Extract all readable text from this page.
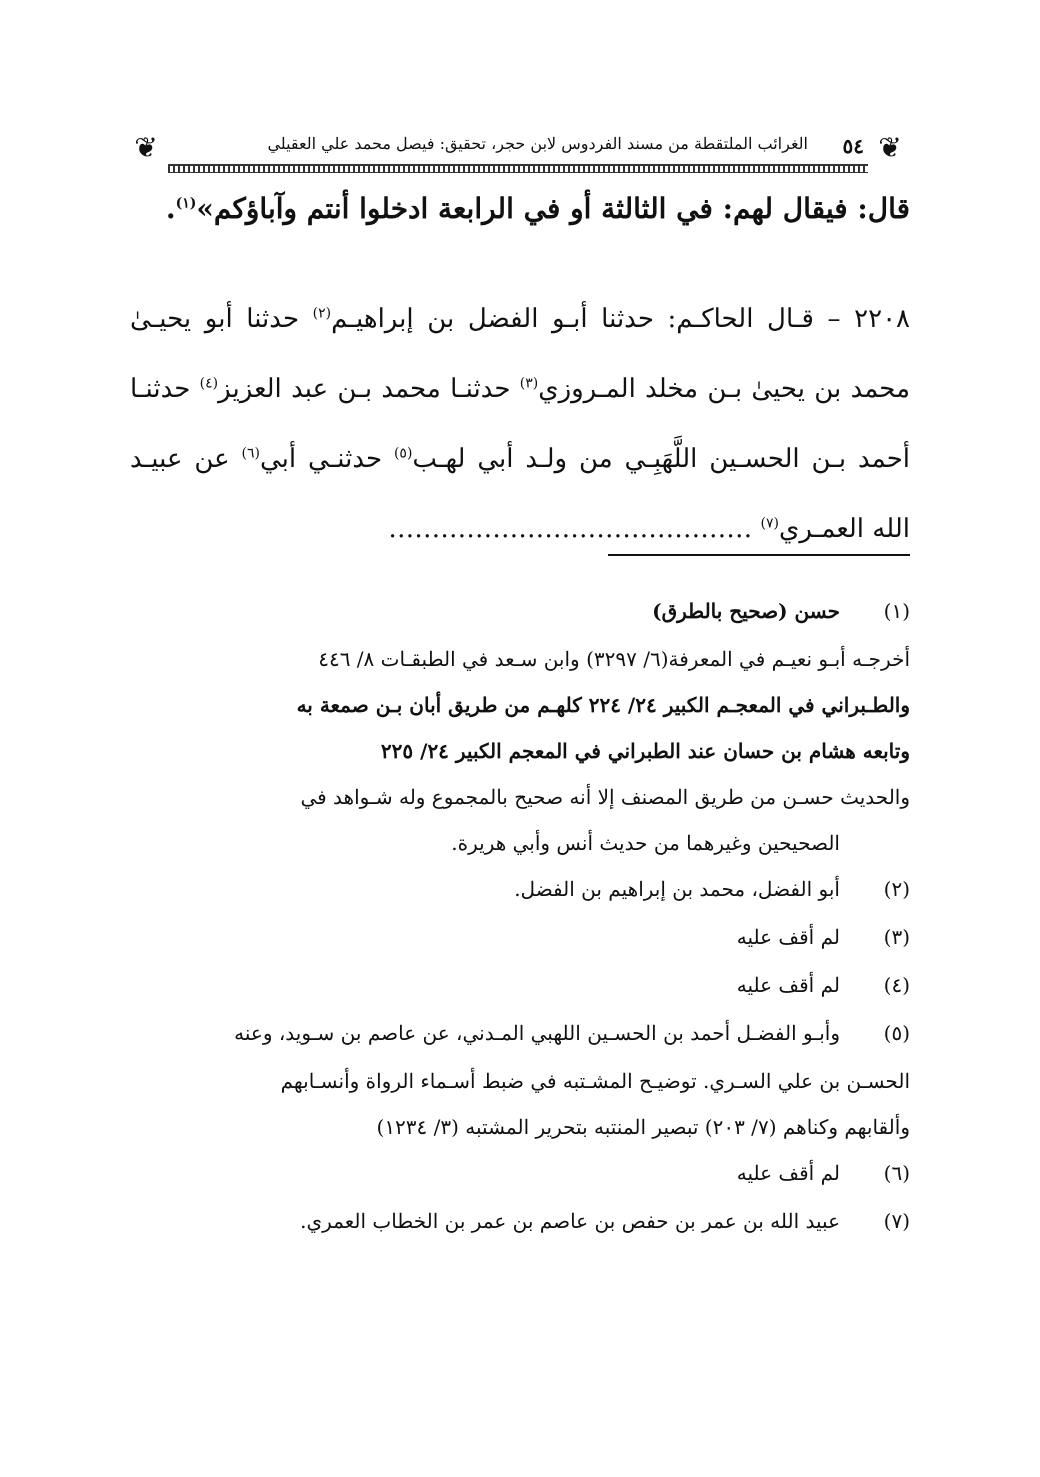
❦
٥٤
الغرائب الملتقطة من مسند الفردوس لابن حجر، تحقيق: فيصل محمد علي العقيلي
❦
قال: فيقال لهم: في الثالثة أو في الرابعة ادخلوا أنتم وآباؤكم»$^{(١)}$.
٢٢٠٨ – قـال الحاكـم: حدثنا أبـو الفضل بن إبراهيـم$^{(٢)}$ حدثنا أبو يحيـىٰ محمد بن يحيىٰ بـن مخلد المـروزي$^{(٣)}$ حدثنـا محمد بـن عبد العزيز$^{(٤)}$ حدثنـا أحمد بـن الحسـين اللَّهَبِـي من ولـد أبي لهـب$^{(٥)}$ حدثنـي أبي$^{(٦)}$ عن عبيـد الله العمـري$^{(٧)}$ ……………………………………
(١)
حسن (صحيح بالطرق)

أخرجـه أبـو نعيـم في المعرفة(٦/ ٣٢٩٧) وابن سـعد في الطبقـات ٨/ ٤٤٦

والطـبراني في المعجـم الكبير ٢٤/ ٢٢٤ كلهـم من طريق أبان بـن صمعة به

وتابعه هشام بن حسان عند الطبراني في المعجم الكبير ٢٤/ ٢٢٥

والحديث حسـن من طريق المصنف إلا أنه صحيح بالمجموع وله شـواهد في

الصحيحين وغيرهما من حديث أنس وأبي هريرة.

(٢)
أبو الفضل، محمد بن إبراهيم بن الفضل.
(٣)
لم أقف عليه
(٤)
لم أقف عليه
(٥)
وأبـو الفضـل أحمد بن الحسـين اللهبي المـدني، عن عاصم بن سـويد، وعنه

الحسـن بن علي السـري. توضيـح المشـتبه في ضبط أسـماء الرواة وأنسـابهم

وألقابهم وكناهم (٧/ ٢٠٣) تبصير المنتبه بتحرير المشتبه (٣/ ١٢٣٤)

(٦)
لم أقف عليه
(٧)
عبيد الله بن عمر بن حفص بن عاصم بن عمر بن الخطاب العمري.
